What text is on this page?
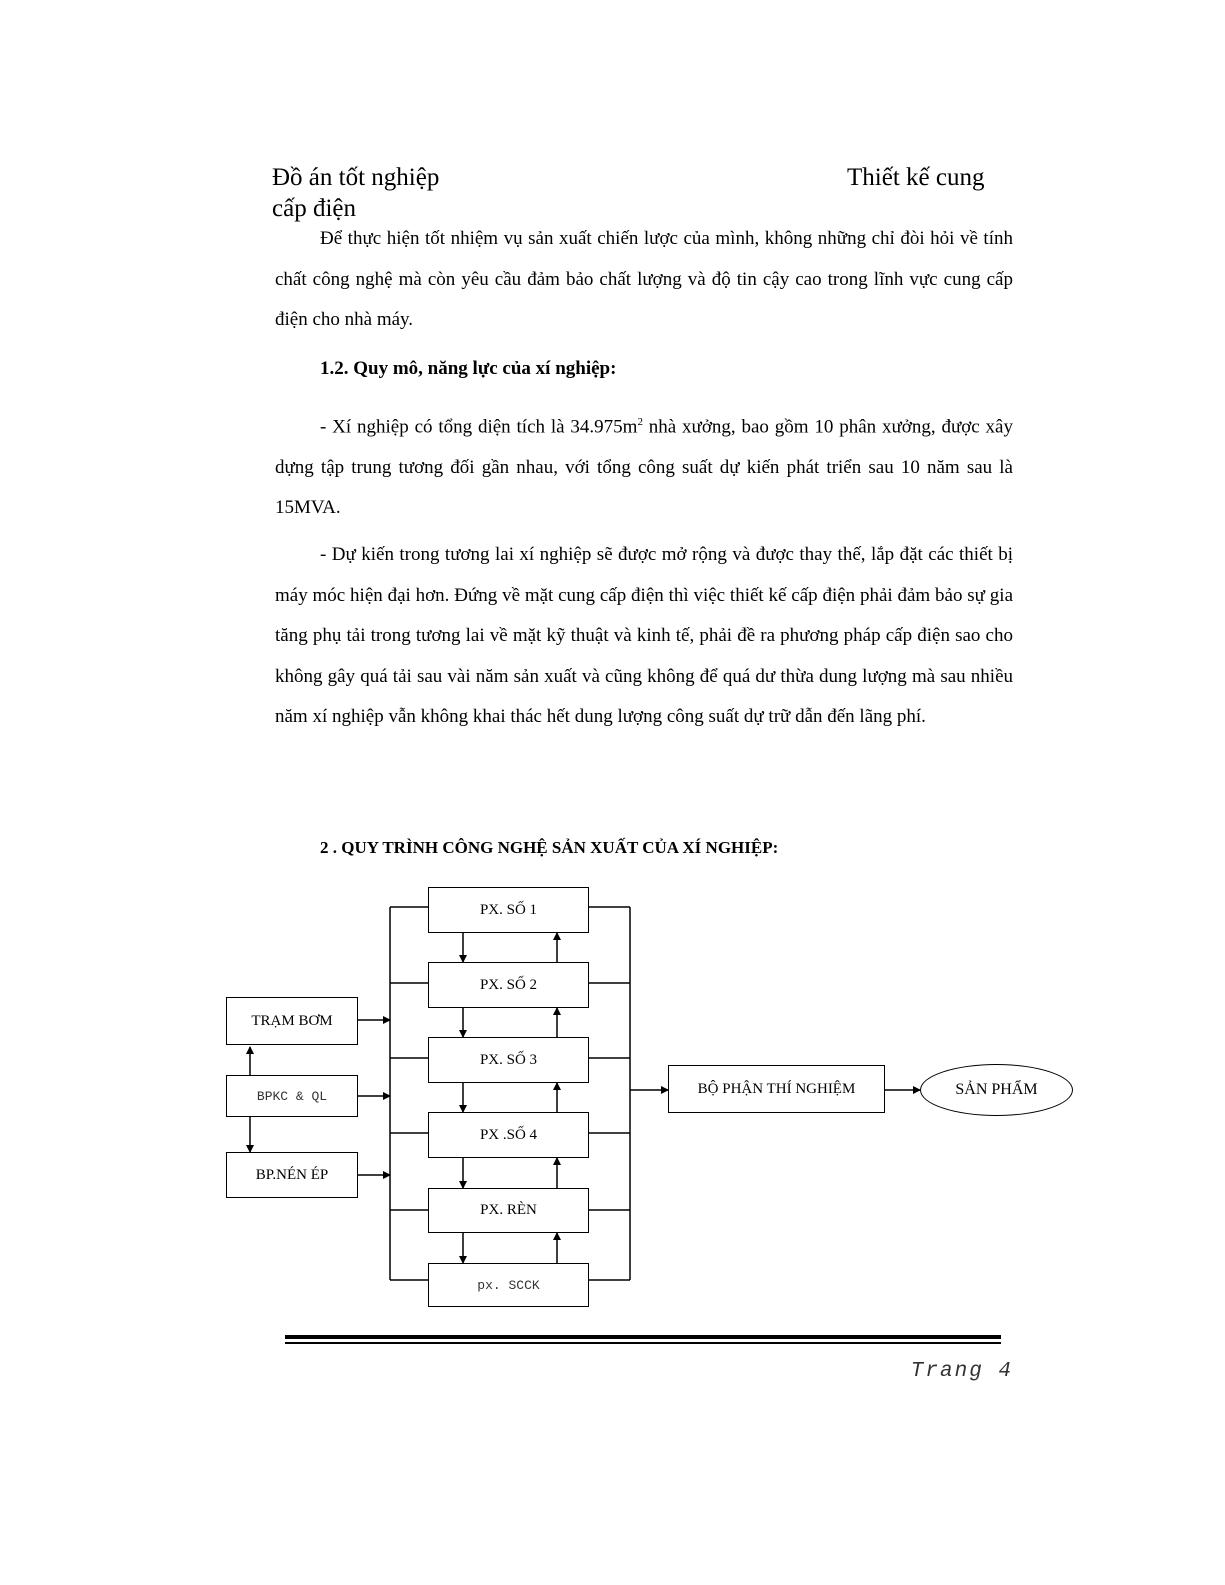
Đồ án tốt nghiệp	Thiết kế cung
cấp điện
Để thực hiện tốt nhiệm vụ sản xuất chiến lược của mình, không những chỉ đòi hỏi về tính chất công nghệ mà còn yêu cầu đảm bảo chất lượng và độ tin cậy cao trong lĩnh vực cung cấp điện cho nhà máy.
1.2. Quy mô, năng lực của xí nghiệp:
- Xí nghiệp có tổng diện tích là $34.975m^2$ nhà xưởng, bao gồm 10 phân xưởng, được xây dựng tập trung tương đối gần nhau, với tổng công suất dự kiến phát triển sau 10 năm sau là 15MVA.
- Dự kiến trong tương lai xí nghiệp sẽ được mở rộng và được thay thế, lắp đặt các thiết bị máy móc hiện đại hơn. Đứng về mặt cung cấp điện thì việc thiết kế cấp điện phải đảm bảo sự gia tăng phụ tải trong tương lai về mặt kỹ thuật và kinh tế, phải đề ra phương pháp cấp điện sao cho không gây quá tải sau vài năm sản xuất và cũng không để quá dư thừa dung lượng mà sau nhiều năm xí nghiệp vẫn không khai thác hết dung lượng công suất dự trữ dẫn đến lãng phí.
2 . QUY TRÌNH CÔNG NGHỆ SẢN XUẤT CỦA XÍ NGHIỆP:
TRẠM BƠM
BPKC & QL
BP.NÉN ÉP
PX. SỐ 1
PX. SỐ 2
PX. SỐ 3
PX .SỐ 4
PX. RÈN
px. SCCK
BỘ PHẬN THÍ NGHIỆM	SẢN PHẨM
Trang 4
